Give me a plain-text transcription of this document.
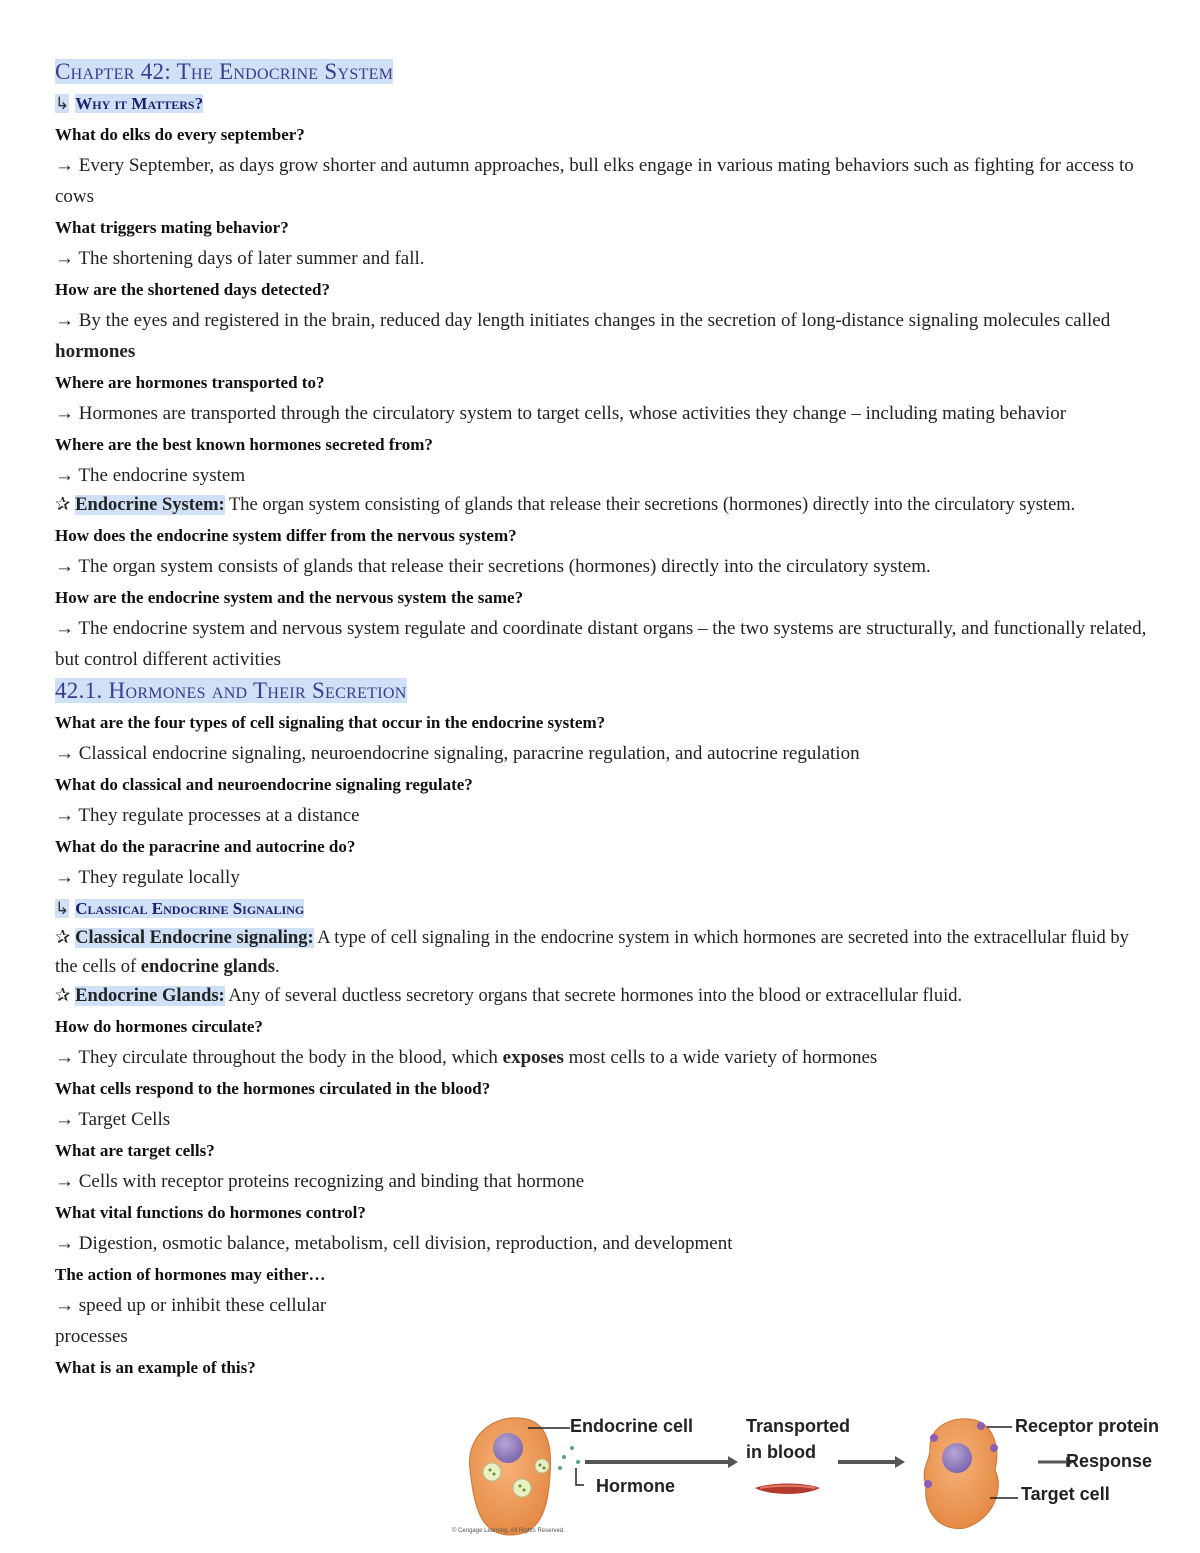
Chapter 42: The Endocrine System

↳ Why it Matters?

What do elks do every september?

→ Every September, as days grow shorter and autumn approaches, bull elks engage in various mating behaviors such as fighting for access to cows

What triggers mating behavior?

→ The shortening days of later summer and fall.

How are the shortened days detected?

→ By the eyes and registered in the brain, reduced day length initiates changes in the secretion of long-distance signaling molecules called hormones

Where are hormones transported to?

→ Hormones are transported through the circulatory system to target cells, whose activities they change – including mating behavior

Where are the best known hormones secreted from?

→ The endocrine system

✰ Endocrine System: The organ system consisting of glands that release their secretions (hormones) directly into the circulatory system.

How does the endocrine system differ from the nervous system?

→ The organ system consists of glands that release their secretions (hormones) directly into the circulatory system.

How are the endocrine system and the nervous system the same?

→ The endocrine system and nervous system regulate and coordinate distant organs – the two systems are structurally, and functionally related, but control different activities

42.1. Hormones and Their Secretion

What are the four types of cell signaling that occur in the endocrine system?

→ Classical endocrine signaling, neuroendocrine signaling, paracrine regulation, and autocrine regulation

What do classical and neuroendocrine signaling regulate?

→ They regulate processes at a distance

What do the paracrine and autocrine do?

→ They regulate locally

↳ Classical Endocrine Signaling

✰ Classical Endocrine signaling: A type of cell signaling in the endocrine system in which hormones are secreted into the extracellular fluid by the cells of endocrine glands.

✰ Endocrine Glands: Any of several ductless secretory organs that secrete hormones into the blood or extracellular fluid.

How do hormones circulate?

→ They circulate throughout the body in the blood, which exposes most cells to a wide variety of hormones

What cells respond to the hormones circulated in the blood?

→ Target Cells

What are target cells?

→ Cells with receptor proteins recognizing and binding that hormone

What vital functions do hormones control?

→ Digestion, osmotic balance, metabolism, cell division, reproduction, and development

The action of hormones may either…

→ speed up or inhibit these cellular processes

What is an example of this?

Endocrine cell
Hormone
Transported
in blood
Receptor protein
Response
Target cell
© Cengage Learning. All Rights Reserved.
